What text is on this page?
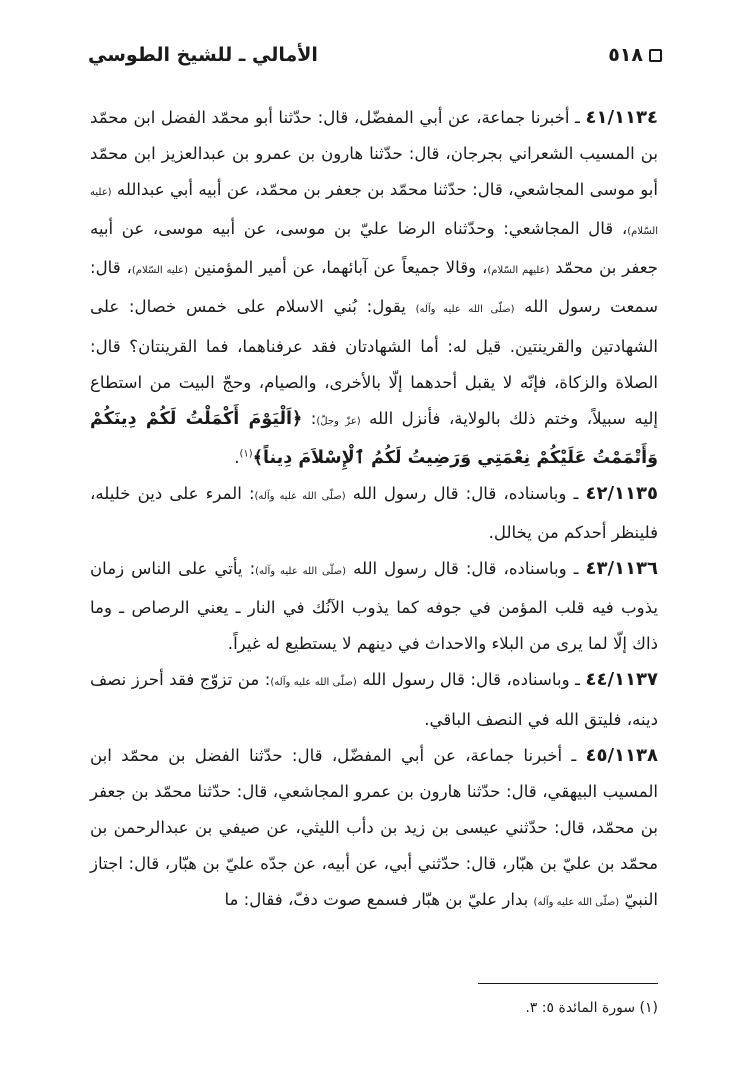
٥١٨
الأمالي ـ للشيخ الطوسي

٤١/١١٣٤ ـ أخبرنا جماعة، عن أبي المفضّل، قال: حدّثنا أبو محمّد الفضل ابن محمّد بن المسيب الشعراني بجرجان، قال: حدّثنا هارون بن عمرو بن عبدالعزيز ابن محمّد أبو موسى المجاشعي، قال: حدّثنا محمّد بن جعفر بن محمّد، عن أبيه أبي عبدالله (عليه السّلام)، قال المجاشعي: وحدّثناه الرضا عليّ بن موسى، عن أبيه موسى، عن أبيه جعفر بن محمّد (عليهم السّلام)، وقالا جميعاً عن آبائهما، عن أمير المؤمنين (عليه السّلام)، قال: سمعت رسول الله (صلّى الله عليه وآله) يقول: بُني الاسلام على خمس خصال: على الشهادتين والقرينتين. قيل له: أما الشهادتان فقد عرفناهما، فما القرينتان؟ قال: الصلاة والزكاة، فإنّه لا يقبل أحدهما إلّا بالأخرى، والصيام، وحجّ البيت من استطاع إليه سبيلاً، وختم ذلك بالولاية، فأنزل الله (عزّ وجلّ): ﴿اَلْيَوْمَ أَكْمَلْتُ لَكُمْ دِينَكُمْ وَأَتْمَمْتُ عَلَيْكُمْ نِعْمَتِي وَرَضِيتُ لَكُمُ ٱلْإِسْلاَمَ دِيناً﴾$^{(١)}$.

٤٢/١١٣٥ ـ وباسناده، قال: قال رسول الله (صلّى الله عليه وآله): المرء على دين خليله، فلينظر أحدكم من يخالل.

٤٣/١١٣٦ ـ وباسناده، قال: قال رسول الله (صلّى الله عليه وآله): يأتي على الناس زمان يذوب فيه قلب المؤمن في جوفه كما يذوب الآنُك في النار ـ يعني الرصاص ـ وما ذاك إلّا لما يرى من البلاء والاحداث في دينهم لا يستطيع له غيراً.

٤٤/١١٣٧ ـ وباسناده، قال: قال رسول الله (صلّى الله عليه وآله): من تزوّج فقد أحرز نصف دينه، فليتق الله في النصف الباقي.

٤٥/١١٣٨ ـ أخبرنا جماعة، عن أبي المفضّل، قال: حدّثنا الفضل بن محمّد ابن المسيب البيهقي، قال: حدّثنا هارون بن عمرو المجاشعي، قال: حدّثنا محمّد بن جعفر بن محمّد، قال: حدّثني عيسى بن زيد بن دأب الليثي، عن صيفي بن عبدالرحمن بن محمّد بن عليّ بن هبّار، قال: حدّثني أبي، عن أبيه، عن جدّه عليّ بن هبّار، قال: اجتاز النبيّ (صلّى الله عليه وآله) بدار عليّ بن هبّار فسمع صوت دفّ، فقال: ما

(١) سورة المائدة ٥: ٣.
